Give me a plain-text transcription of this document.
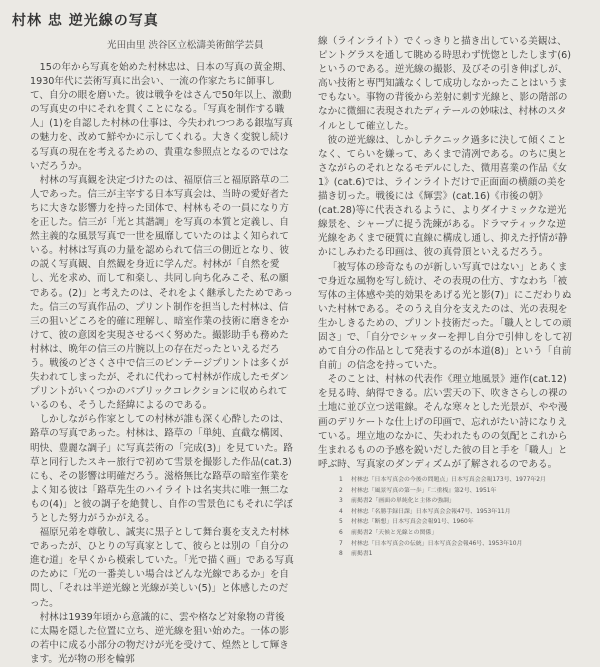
村林 忠 逆光線の写真
光田由里 渋谷区立松濤美術館学芸員

15の年から写真を始めた村林忠は、日本の写真の黄金期、1930年代に芸術写真に出会い、一流の作家たちに師事して、自分の眼を磨いた。彼は戦争をはさんで50年以上、激動の写真史の中にそれを貫くことになる。「写真を制作する職人」(1)を自認した村林の仕事は、今失われつつある銀塩写真の魅力を、改めて鮮やかに示してくれる。大きく変貌し続ける写真の現在を考えるための、貴重な参照点となるのではないだろうか。

村林の写真観を決定づけたのは、福原信三と福原路草の二人であった。信三が主宰する日本写真会は、当時の愛好者たちに大きな影響力を持った団体で、村林もその一員になり方を正した。信三が「光と其諧調」を写真の本質と定義し、自然主義的な風景写真で一世を風靡していたのはよく知られている。村林は写真の力量を認められて信三の側近となり、彼の説く写真観、自然観を身近に学んだ。村林が「自然を愛し、光を求め、而して和楽し、共同し向ち化みこそ、私の願である。(2)」と考えたのは、それをよく継承したためであった。信三の写真作品の、プリント制作を担当した村林は、信三の狙いどころを的確に理解し、暗室作業の技術に磨きをかけて、彼の意図を実現させるべく努めた。撮影助手も務めた村林は、晩年の信三の片腕以上の存在だったといえるだろう。戦後のどさくさ中で信三のビンテージプリントは多くが失われてしまったが、それに代わって村林が作成したモダンプリントがいくつかのパブリックコレクションに収められているのも、そうした経緯によるのである。

しかしながら作家としての村林が誰も深く心酔したのは、路草の写真であった。村林は、路草の「単純、直截な構図、明快、豊麗な調子」に写真芸術の「完成(3)」を見ていた。路草と同行したスキー旅行で初めて雪景を撮影した作品(cat.3)にも、その影響は明確だろう。滋格無比な路草の暗室作業をよく知る彼は「路草先生のハイライトは名実共に唯一無二なもの(4)」と彼の調子を絶賛し、自作の雪景色にもそれに学ぼうとした努力がうかがえる。

福原兄弟を尊敬し、誠実に黒子として舞台裏を支えた村林であったが、ひとりの写真家として、彼らとは別の「自分の進む道」を早くから模索していた。「光で描く画」である写真のために「光の一番美しい場合はどんな光線であるか」を自問し、「それは半逆光線と光線が美しい(5)」と体感したのだった。

村林は1939年頃から意識的に、雲や格など対象物の背後に太陽を隠した位置に立ち、逆光線を狙い始めた。一体の影の若中に成る小部分の物だけが光を受けて、煌然として輝きます。光が物の形を輪郭

線（ラインライト）でくっきりと描き出している美観は、ピントグラスを通して眺める時思わず恍惚としたします(6)というのである。逆光線の撮影、及びその引き伸ばしが、高い技術と専門知識なくして成功しなかったことはいうまでもない。事物の背後から差射に刺す光線と、影の階部のなかに微細に表現されたディテールの妙味は、村林のスタイルとして確立した。

彼の逆光線は、しかしテクニック過多に決して傾くことなく、てらいを嫌って、あくまで清冽である。のちに奥とさながらのそれとなるモデルにした、微用喜業の作品《女1》(cat.6)では、ラインライトだけで正面面の横顔の美を描き切った。戦後には《輝雲》(cat.16)《市後の朝》(cat.28)等に代表されるように、よりダイナミックな逆光線景を、シャープに捉う洗練がある。ドラマティックな逆光線をあくまで硬質に直線に構成し通し、抑えた抒情が静かにしみわたる印画は、彼の真骨頂といえるだろう。

「被写体の珍奇なものが新しい写真ではない」とあくまで身近な風物を写し続け、その表現の仕方、すなわち「被写体の主体感や美的効果をあげる光と影(7)」にこだわりぬいた村林である。そのうえ自分を支えたのは、光の表現を生かしきるための、プリント技術だった。「職人としての頑固さ」で、「自分でシャッターを押し自分で引伸しをして初めて自分の作品として発表するのが本道(8)」という「自前自前」の信念を持っていた。

そのことは、村林の代表作《理立地風景》連作(cat.12)を見る時、納得できる。広い雲天の下、吹きさらしの裸の土地に並び立つ送電線。そんな寒々とした光景が、やや漫画のデリケートな仕上げの印画で、忘れがたい詩になりえている。埋立地のなかに、失われたものの気配とこれから生まれるものの予感を鋭いだした彼の目と手を「職人」と呼ぶ時、写真家のダンディズムが了解されるのである。

1 村林忠「日本写真会の今後の問題点」日本写真会会報173号、1977年2月
2 村林忠「風景写真の第一歩」『二重桟』第2号、1951年
3 前掲書2「画面の単純化と主体の強調」
4 村林忠「名勝手録日課」日本写真会会報47号、1953年11月
5 村林忠「断想」日本写真会会報91号、1960年
6 前掲書2「天候と光線との関係」
7 村林忠「日本写真会の伝統」日本写真会会報46号、1953年10月
8 前掲書1
